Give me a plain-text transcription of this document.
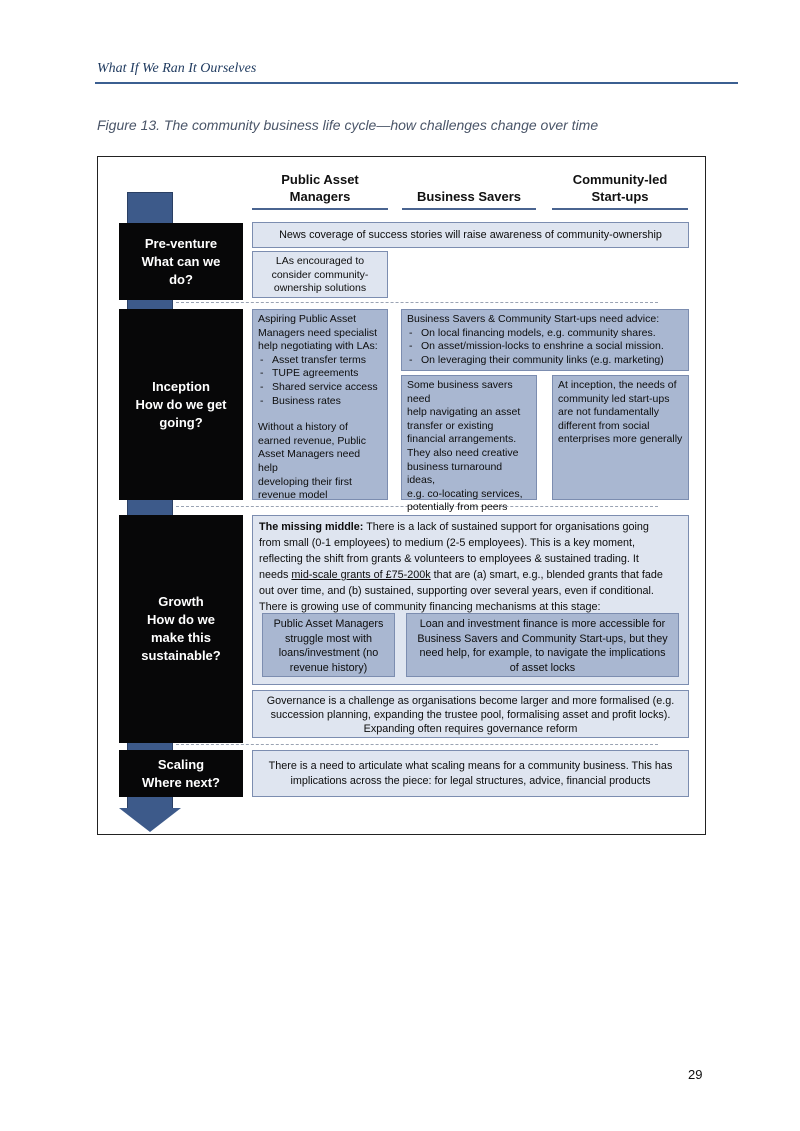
What If We Ran It Ourselves
Figure 13. The community business life cycle—how challenges change over time
Public Asset
Managers	Business Savers
Community-led
Start-ups
Pre-venture
What can we
do?
Inception
How do we get
going?
Growth
How do we
make this
sustainable?
Scaling
Where next?
News coverage of success stories will raise awareness of community-ownership
LAs encouraged to
consider community-
ownership solutions
Aspiring Public Asset
Managers need specialist
help negotiating with LAs:
- Asset transfer terms
- TUPE agreements
- Shared service access
- Business rates
Without a history of
earned revenue, Public
Asset Managers need help
developing their first
revenue model
Business Savers & Community Start-ups need advice:
- On local financing models, e.g. community shares.
- On asset/mission-locks to enshrine a social mission.
- On leveraging their community links (e.g. marketing)
Some business savers need
help navigating an asset
transfer or existing
financial arrangements.
They also need creative
business turnaround ideas,
e.g. co-locating services,
potentially from peers
At inception, the needs of
community led start-ups
are not fundamentally
different from social
enterprises more generally
The missing middle: There is a lack of sustained support for organisations going
from small (0-1 employees) to medium (2-5 employees). This is a key moment,
reflecting the shift from grants & volunteers to employees & sustained trading. It
needs mid-scale grants of £75-200k that are (a) smart, e.g., blended grants that fade
out over time, and (b) sustained, supporting over several years, even if conditional.
There is growing use of community financing mechanisms at this stage:
Public Asset Managers
struggle most with
loans/investment (no
revenue history)
Loan and investment finance is more accessible for
Business Savers and Community Start-ups, but they
need help, for example, to navigate the implications
of asset locks
Governance is a challenge as organisations become larger and more formalised (e.g.
succession planning, expanding the trustee pool, formalising asset and profit locks).
Expanding often requires governance reform
There is a need to articulate what scaling means for a community business. This has
implications across the piece: for legal structures, advice, financial products
29
